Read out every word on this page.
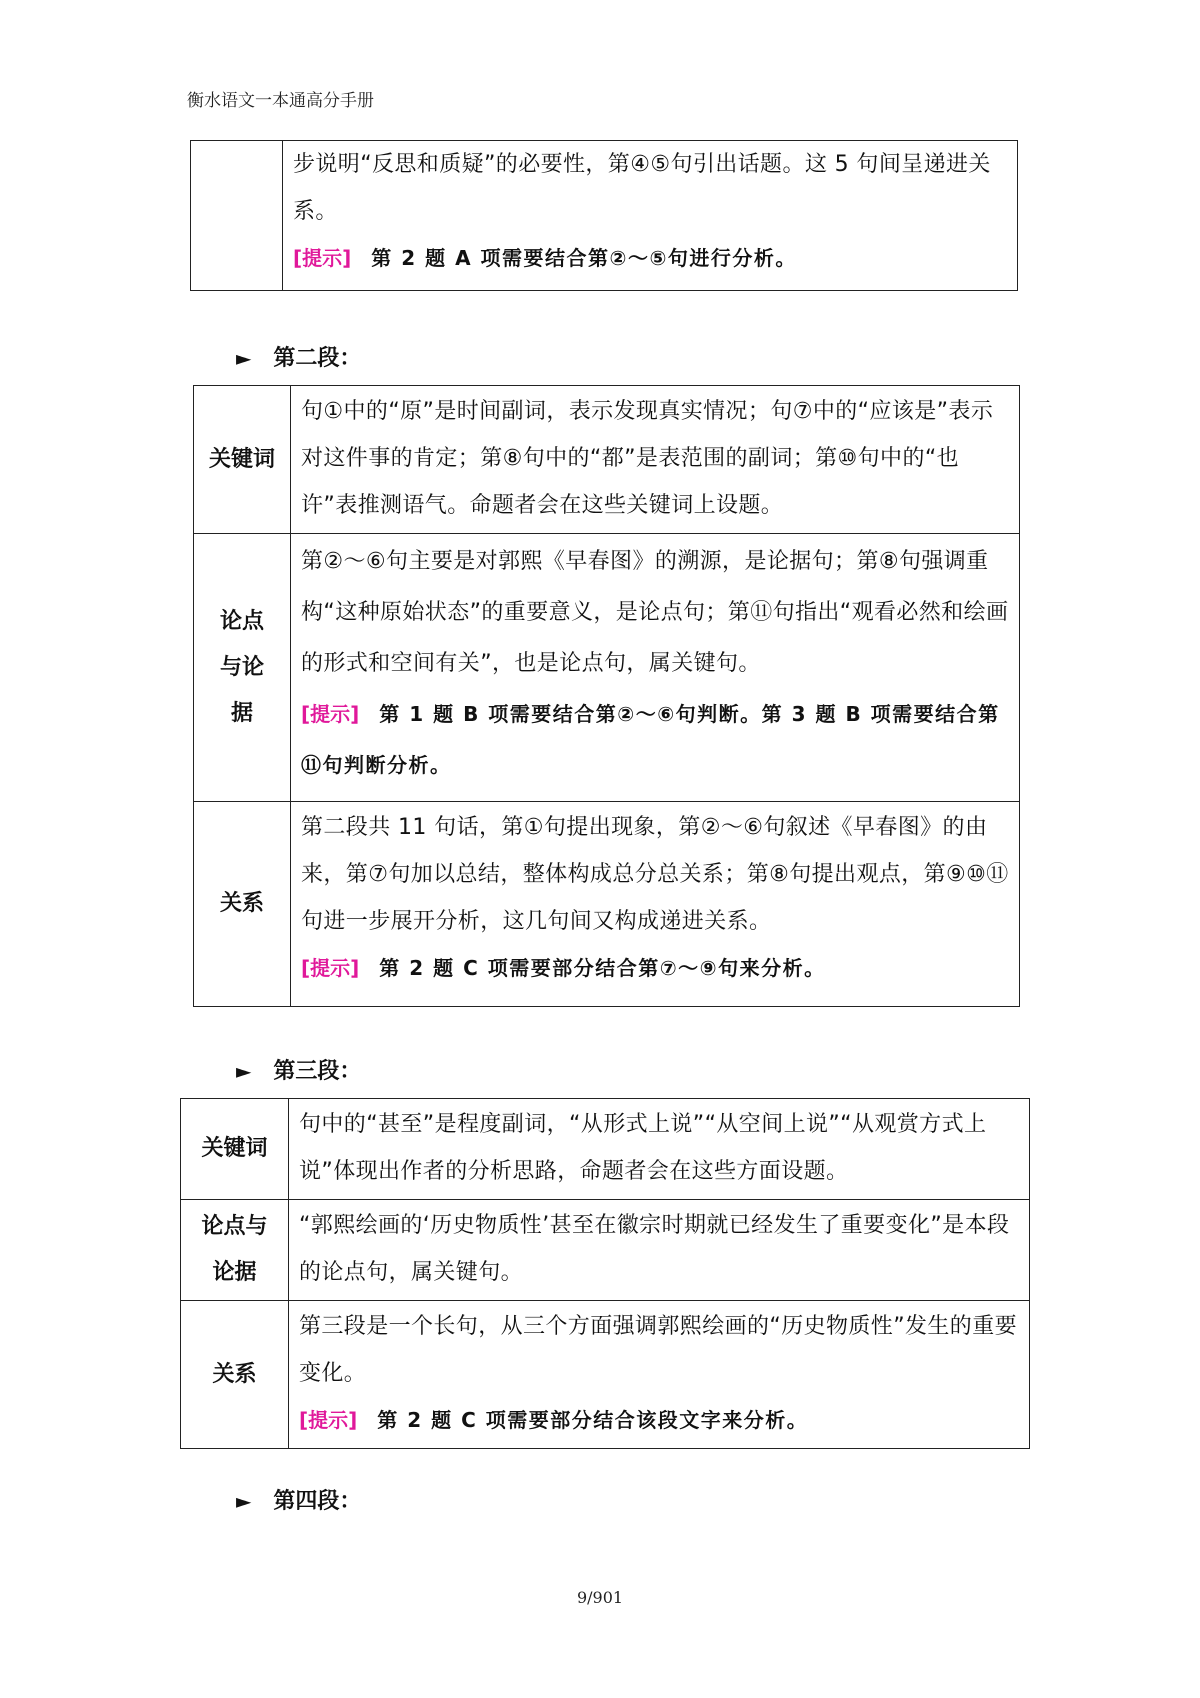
衡水语文一本通高分手册

步说明“反思和质疑”的必要性，第④⑤句引出话题。这 5 句间呈递进关系。

[提示] 第 2 题 A 项需要结合第②～⑤句进行分析。

► 第二段：
关键词	句①中的“原”是时间副词，表示发现真实情况；句⑦中的“应该是”表示对这件事的肯定；第⑧句中的“都”是表范围的副词；第⑩句中的“也许”表推测语气。命题者会在这些关键词上设题。

论点与论据	第②～⑥句主要是对郭熙《早春图》的溯源，是论据句；第⑧句强调重构“这种原始状态”的重要意义，是论点句；第⑪句指出“观看必然和绘画的形式和空间有关”，也是论点句，属关键句。

[提示] 第 1 题 B 项需要结合第②～⑥句判断。第 3 题 B 项需要结合第⑪句判断分析。

关系	第二段共 11 句话，第①句提出现象，第②～⑥句叙述《早春图》的由来，第⑦句加以总结，整体构成总分总关系；第⑧句提出观点，第⑨⑩⑪句进一步展开分析，这几句间又构成递进关系。

[提示] 第 2 题 C 项需要部分结合第⑦～⑨句来分析。

► 第三段：
关键词	句中的“甚至”是程度副词，“从形式上说”“从空间上说”“从观赏方式上说”体现出作者的分析思路，命题者会在这些方面设题。

论点与论据	“郭熙绘画的‘历史物质性’甚至在徽宗时期就已经发生了重要变化”是本段的论点句，属关键句。

关系	第三段是一个长句，从三个方面强调郭熙绘画的“历史物质性”发生的重要变化。

[提示] 第 2 题 C 项需要部分结合该段文字来分析。

► 第四段：
9/901
